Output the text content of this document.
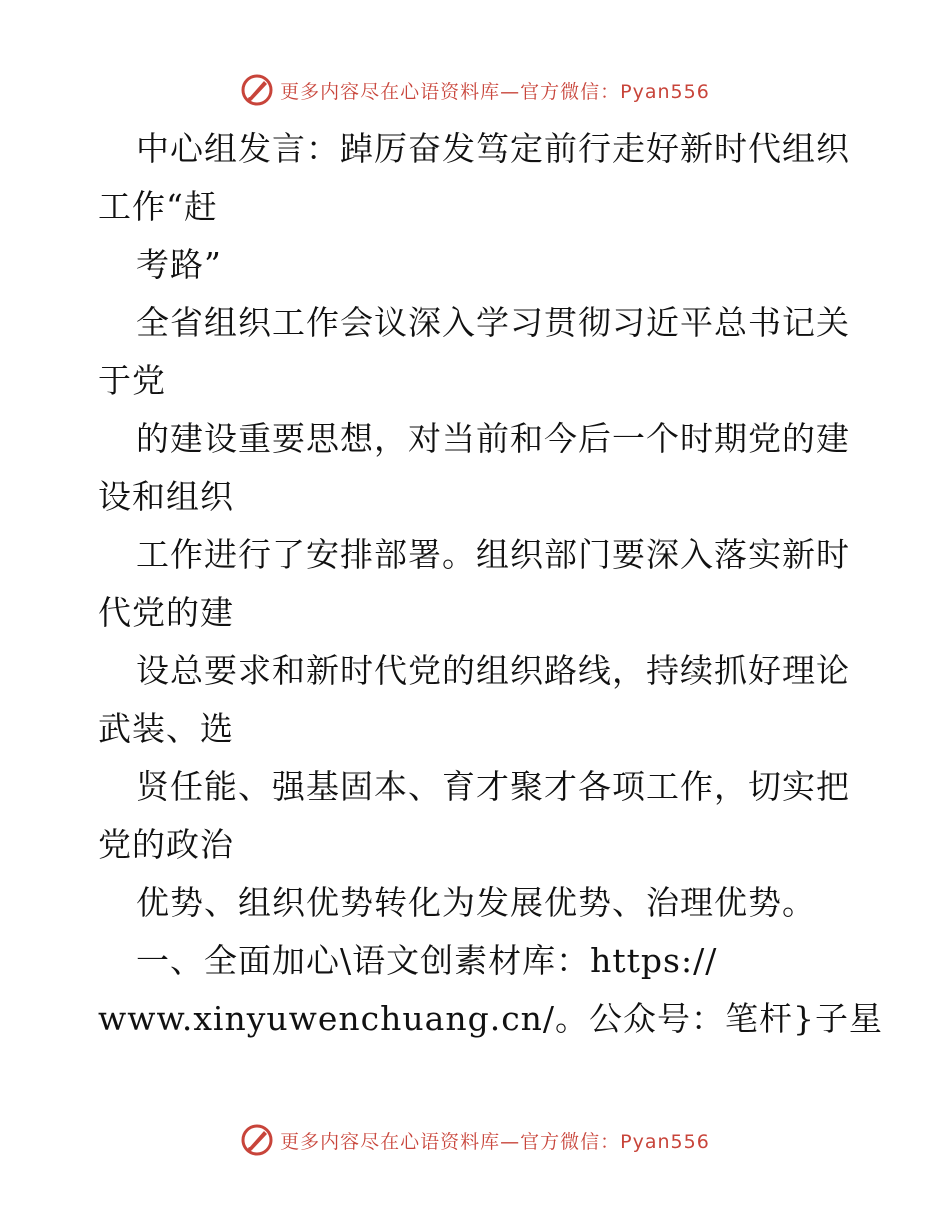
更多内容尽在心语资料库—官方微信：Pyan556
中心组发言：踔厉奋发笃定前行走好新时代组织
工作“赶
考路”
全省组织工作会议深入学习贯彻习近平总书记关
于党
的建设重要思想，对当前和今后一个时期党的建
设和组织
工作进行了安排部署。组织部门要深入落实新时
代党的建
设总要求和新时代党的组织路线，持续抓好理论
武装、选
贤任能、强基固本、育才聚才各项工作，切实把
党的政治
优势、组织优势转化为发展优势、治理优势。
一、全面加心\语文创素材库：https://
www.xinyuwenchuang.cn/。公众号：笔杆}子星
更多内容尽在心语资料库—官方微信：Pyan556
